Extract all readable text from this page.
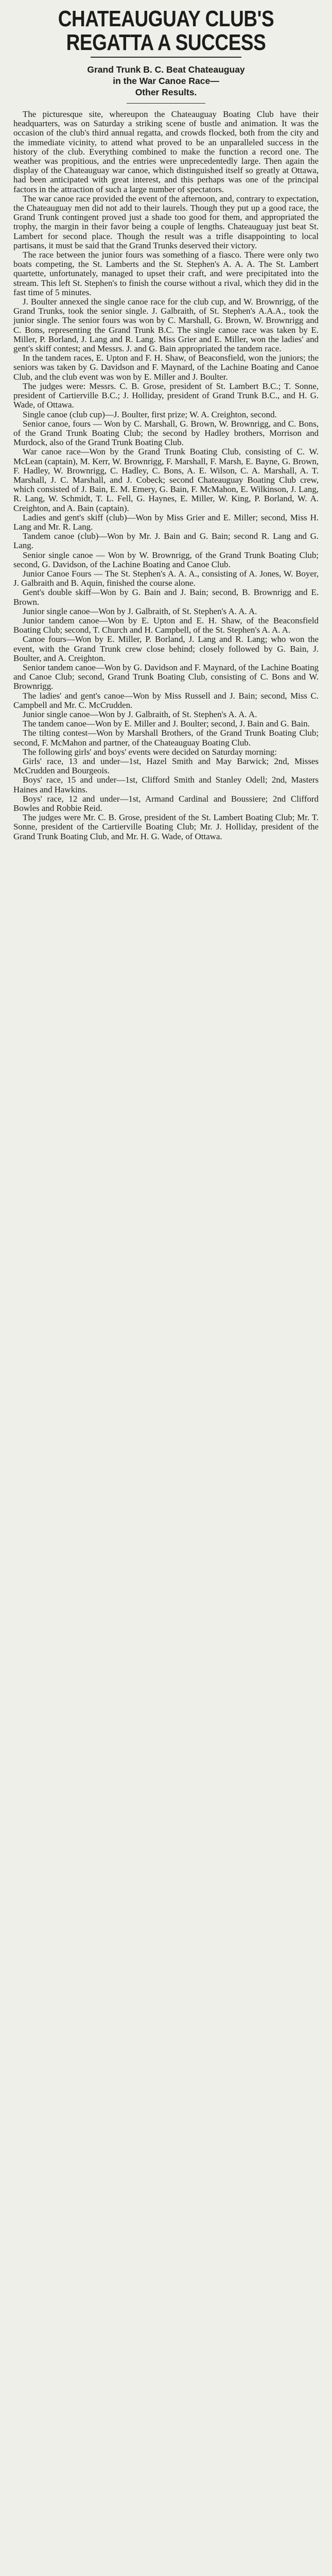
CHATEAUGUAY CLUB'S
REGATTA A SUCCESS
Grand Trunk B. C. Beat Chateauguay
in the War Canoe Race—
Other Results.

The picturesque site, whereupon the Chateauguay Boating Club have their headquarters, was on Saturday a striking scene of bustle and animation. It was the occasion of the club's third annual regatta, and crowds flocked, both from the city and the immediate vicinity, to attend what proved to be an unparalleled success in the history of the club. Everything combined to make the function a record one. The weather was propitious, and the entries were unprecedentedly large. Then again the display of the Chateauguay war canoe, which distinguished itself so greatly at Ottawa, had been anticipated with great interest, and this perhaps was one of the principal factors in the attraction of such a large number of spectators.

The war canoe race provided the event of the afternoon, and, contrary to expectation, the Chateauguay men did not add to their laurels. Though they put up a good race, the Grand Trunk contingent proved just a shade too good for them, and appropriated the trophy, the margin in their favor being a couple of lengths. Chateauguay just beat St. Lambert for second place. Though the result was a trifle disappointing to local partisans, it must be said that the Grand Trunks deserved their victory.

The race between the junior fours was something of a fiasco. There were only two boats competing, the St. Lamberts and the St. Stephen's A. A. A. The St. Lambert quartette, unfortunately, managed to upset their craft, and were precipitated into the stream. This left St. Stephen's to finish the course without a rival, which they did in the fast time of 5 minutes.

J. Boulter annexed the single canoe race for the club cup, and W. Brownrigg, of the Grand Trunks, took the senior single. J. Galbraith, of St. Stephen's A.A.A., took the junior single. The senior fours was won by C. Marshall, G. Brown, W. Brownrigg and C. Bons, representing the Grand Trunk B.C. The single canoe race was taken by E. Miller, P. Borland, J. Lang and R. Lang. Miss Grier and E. Miller, won the ladies' and gent's skiff contest; and Messrs. J. and G. Bain appropriated the tandem race.

In the tandem races, E. Upton and F. H. Shaw, of Beaconsfield, won the juniors; the seniors was taken by G. Davidson and F. Maynard, of the Lachine Boating and Canoe Club, and the club event was won by E. Miller and J. Boulter.

The judges were: Messrs. C. B. Grose, president of St. Lambert B.C.; T. Sonne, president of Cartierville B.C.; J. Holliday, president of Grand Trunk B.C., and H. G. Wade, of Ottawa.

Single canoe (club cup)—J. Boulter, first prize; W. A. Creighton, second.

Senior canoe, fours — Won by C. Marshall, G. Brown, W. Brownrigg, and C. Bons, of the Grand Trunk Boating Club; the second by Hadley brothers, Morrison and Murdock, also of the Grand Trunk Boating Club.

War canoe race—Won by the Grand Trunk Boating Club, consisting of C. W. McLean (captain), M. Kerr, W. Brownrigg, F. Marshall, F. Marsh, E. Bayne, G. Brown, F. Hadley, W. Brownrigg, C. Hadley, C. Bons, A. E. Wilson, C. A. Marshall, A. T. Marshall, J. C. Marshall, and J. Cobeck; second Chateauguay Boating Club crew, which consisted of J. Bain, E. M. Emery, G. Bain, F. McMahon, E. Wilkinson, J. Lang, R. Lang, W. Schmidt, T. L. Fell, G. Haynes, E. Miller, W. King, P. Borland, W. A. Creighton, and A. Bain (captain).

Ladies and gent's skiff (club)—Won by Miss Grier and E. Miller; second, Miss H. Lang and Mr. R. Lang.

Tandem canoe (club)—Won by Mr. J. Bain and G. Bain; second R. Lang and G. Lang.

Senior single canoe — Won by W. Brownrigg, of the Grand Trunk Boating Club; second, G. Davidson, of the Lachine Boating and Canoe Club.

Junior Canoe Fours — The St. Stephen's A. A. A., consisting of A. Jones, W. Boyer, J. Galbraith and B. Aquin, finished the course alone.

Gent's double skiff—Won by G. Bain and J. Bain; second, B. Brownrigg and E. Brown.

Junior single canoe—Won by J. Galbraith, of St. Stephen's A. A. A.

Junior tandem canoe—Won by E. Upton and E. H. Shaw, of the Beaconsfield Boating Club; second, T. Church and H. Campbell, of the St. Stephen's A. A. A.

Canoe fours—Won by E. Miller, P. Borland, J. Lang and R. Lang; who won the event, with the Grand Trunk crew close behind; closely followed by G. Bain, J. Boulter, and A. Creighton.

Senior tandem canoe—Won by G. Davidson and F. Maynard, of the Lachine Boating and Canoe Club; second, Grand Trunk Boating Club, consisting of C. Bons and W. Brownrigg.

The ladies' and gent's canoe—Won by Miss Russell and J. Bain; second, Miss C. Campbell and Mr. C. McCrudden.

Junior single canoe—Won by J. Galbraith, of St. Stephen's A. A. A.

The tandem canoe—Won by E. Miller and J. Boulter; second, J. Bain and G. Bain.

The tilting contest—Won by Marshall Brothers, of the Grand Trunk Boating Club; second, F. McMahon and partner, of the Chateauguay Boating Club.

The following girls' and boys' events were decided on Saturday morning:

Girls' race, 13 and under—1st, Hazel Smith and May Barwick; 2nd, Misses McCrudden and Bourgeois.

Boys' race, 15 and under—1st, Clifford Smith and Stanley Odell; 2nd, Masters Haines and Hawkins.

Boys' race, 12 and under—1st, Armand Cardinal and Boussiere; 2nd Clifford Bowles and Robbie Reid.

The judges were Mr. C. B. Grose, president of the St. Lambert Boating Club; Mr. T. Sonne, president of the Cartierville Boating Club; Mr. J. Holliday, president of the Grand Trunk Boating Club, and Mr. H. G. Wade, of Ottawa.
